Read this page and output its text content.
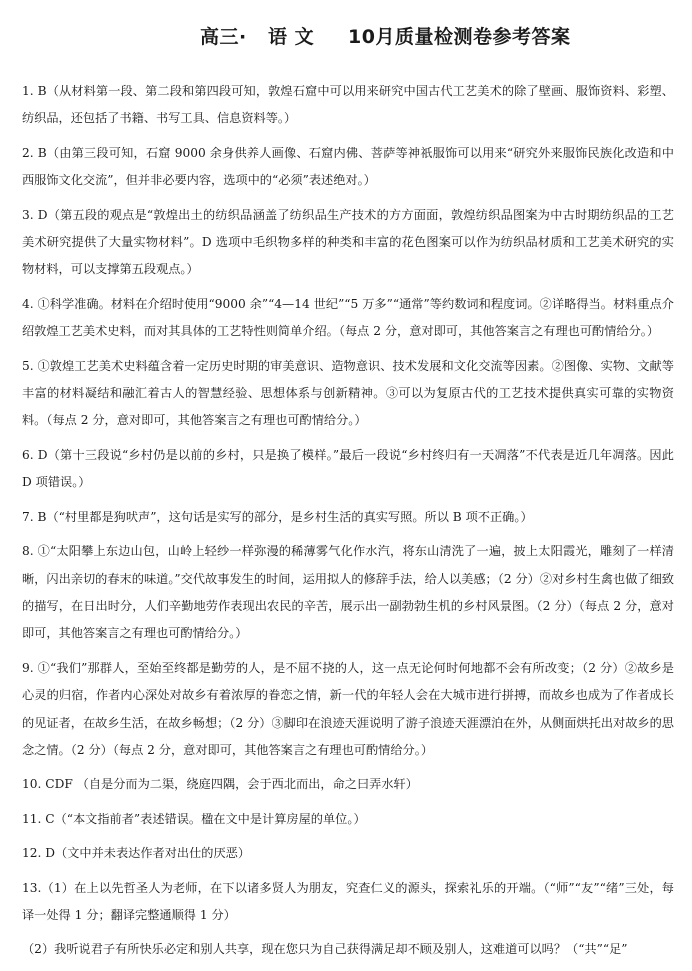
高三· 语 文 10月质量检测卷参考答案

1. B（从材料第一段、第二段和第四段可知，敦煌石窟中可以用来研究中国古代工艺美术的除了壁画、服饰资料、彩塑、纺织品，还包括了书籍、书写工具、信息资料等。）

2. B（由第三段可知，石窟 9000 余身供养人画像、石窟内佛、菩萨等神祇服饰可以用来“研究外来服饰民族化改造和中西服饰文化交流”，但并非必要内容，选项中的“必须”表述绝对。）

3. D（第五段的观点是“敦煌出土的纺织品涵盖了纺织品生产技术的方方面面，敦煌纺织品图案为中古时期纺织品的工艺美术研究提供了大量实物材料”。D 选项中毛织物多样的种类和丰富的花色图案可以作为纺织品材质和工艺美术研究的实物材料，可以支撑第五段观点。）

4. ①科学准确。材料在介绍时使用“9000 余”“4—14 世纪”“5 万多”“通常”等约数词和程度词。②详略得当。材料重点介绍敦煌工艺美术史料，而对其具体的工艺特性则简单介绍。（每点 2 分，意对即可，其他答案言之有理也可酌情给分。）

5. ①敦煌工艺美术史料蕴含着一定历史时期的审美意识、造物意识、技术发展和文化交流等因素。②图像、实物、文献等丰富的材料凝结和融汇着古人的智慧经验、思想体系与创新精神。③可以为复原古代的工艺技术提供真实可靠的实物资料。（每点 2 分，意对即可，其他答案言之有理也可酌情给分。）

6. D（第十三段说“乡村仍是以前的乡村，只是换了模样。”最后一段说“乡村终归有一天凋落”不代表是近几年凋落。因此 D 项错误。）

7. B（“村里都是狗吠声”，这句话是实写的部分，是乡村生活的真实写照。所以 B 项不正确。）

8. ①“太阳攀上东边山包，山岭上轻纱一样弥漫的稀薄雾气化作水汽，将东山清洗了一遍，披上太阳霞光，雕刻了一样清晰，闪出亲切的春末的味道。”交代故事发生的时间，运用拟人的修辞手法，给人以美感；（2 分）②对乡村生禽也做了细致的描写，在日出时分，人们辛勤地劳作表现出农民的辛苦，展示出一副勃勃生机的乡村风景图。（2 分）（每点 2 分，意对即可，其他答案言之有理也可酌情给分。）

9. ①“我们”那群人，至始至终都是勤劳的人，是不屈不挠的人，这一点无论何时何地都不会有所改变；（2 分）②故乡是心灵的归宿，作者内心深处对故乡有着浓厚的眷恋之情，新一代的年轻人会在大城市进行拼搏，而故乡也成为了作者成长的见证者，在故乡生活，在故乡畅想；（2 分）③脚印在浪迹天涯说明了游子浪迹天涯漂泊在外，从侧面烘托出对故乡的思念之情。（2 分）（每点 2 分，意对即可，其他答案言之有理也可酌情给分。）

10. CDF （自是分而为二渠，绕庭四隅，会于西北而出，命之曰弄水轩）

11. C（“本文指前者”表述错误。楹在文中是计算房屋的单位。）

12. D（文中并未表达作者对出仕的厌恶）

13.（1）在上以先哲圣人为老师，在下以诸多贤人为朋友，究查仁义的源头，探索礼乐的开端。（“师”“友”“绪”三处，每译一处得 1 分；翻译完整通顺得 1 分）

（2）我听说君子有所快乐必定和别人共享，现在您只为自己获得满足却不顾及别人，这难道可以吗？（“共”“足”
